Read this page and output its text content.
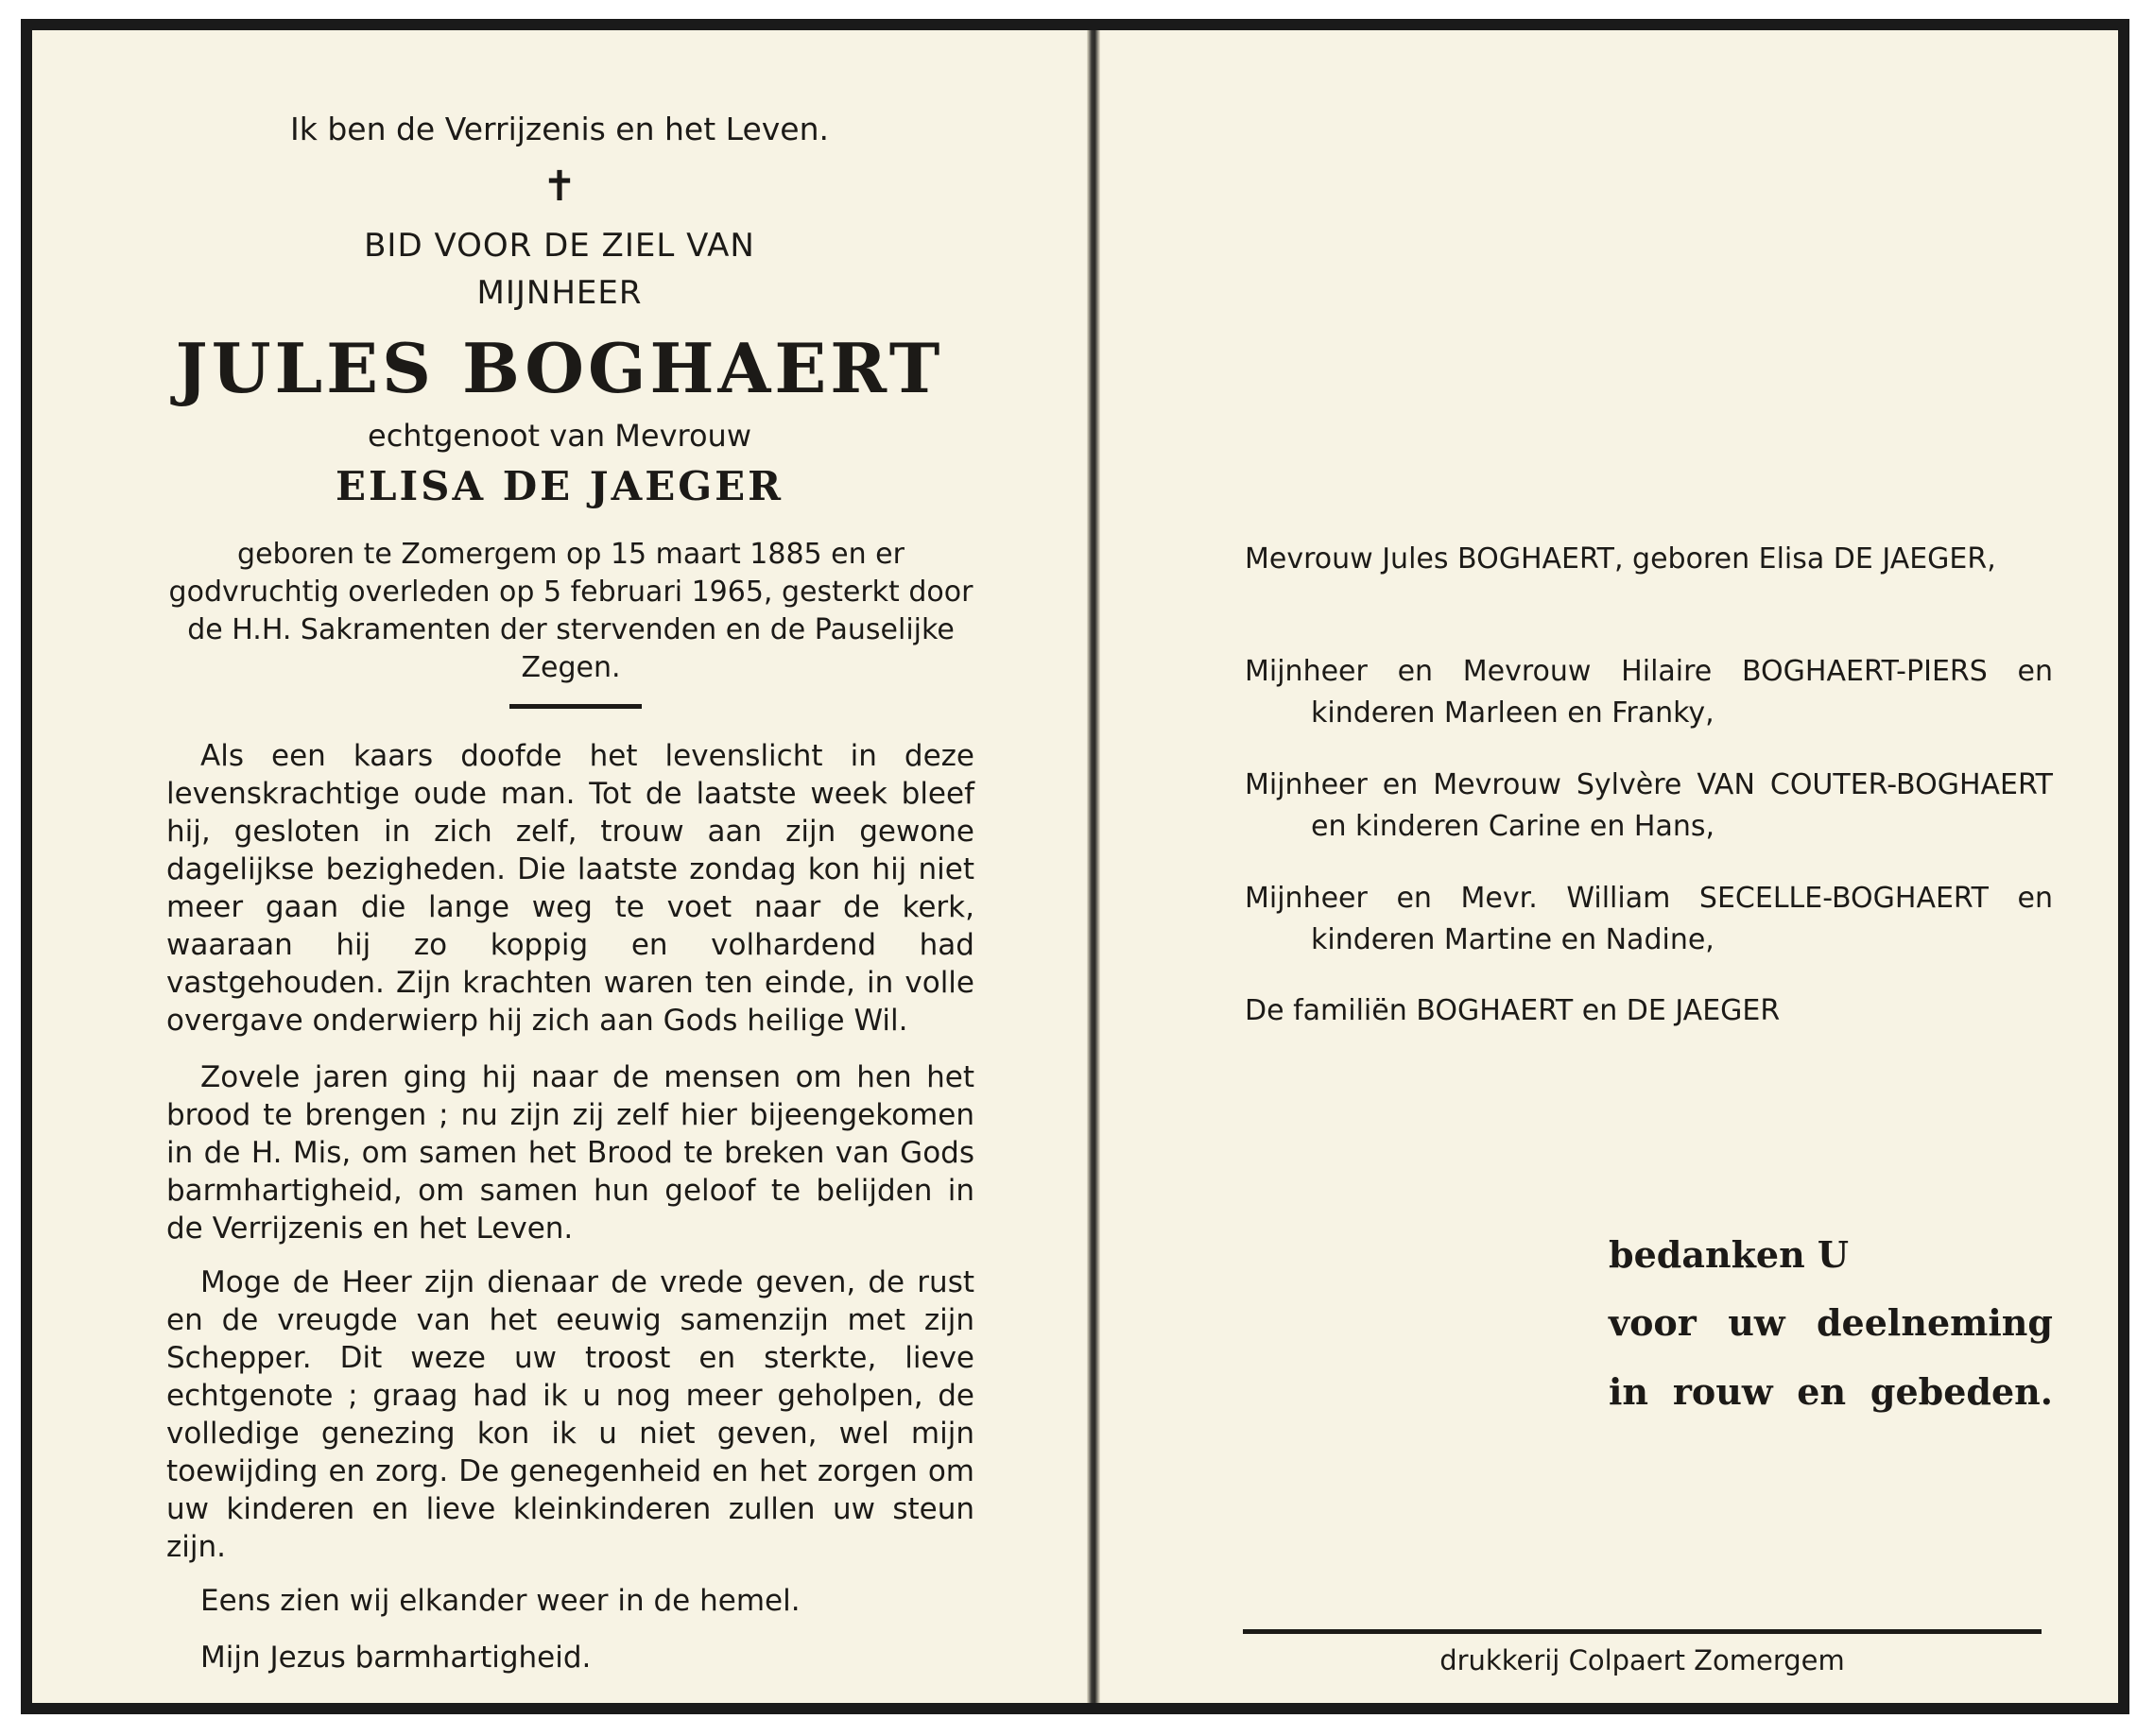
Ik ben de Verrijzenis en het Leven.
✝
BID VOOR DE ZIEL VAN
MIJNHEER
JULES BOGHAERT
echtgenoot van Mevrouw
ELISA DE JAEGER
geboren te Zomergem op 15 maart 1885 en er godvruchtig overleden op 5 februari 1965, gesterkt door de H.H. Sakramenten der stervenden en de Pauselijke Zegen.
Als een kaars doofde het levenslicht in deze levenskrachtige oude man. Tot de laatste week bleef hij, gesloten in zich zelf, trouw aan zijn gewone dagelijkse bezigheden. Die laatste zondag kon hij niet meer gaan die lange weg te voet naar de kerk, waaraan hij zo koppig en volhardend had vastgehouden. Zijn krachten waren ten einde, in volle overgave onderwierp hij zich aan Gods heilige Wil.
Zovele jaren ging hij naar de mensen om hen het brood te brengen ; nu zijn zij zelf hier bijeengekomen in de H. Mis, om samen het Brood te breken van Gods barmhartigheid, om samen hun geloof te belijden in de Verrijzenis en het Leven.
Moge de Heer zijn dienaar de vrede geven, de rust en de vreugde van het eeuwig samenzijn met zijn Schepper. Dit weze uw troost en sterkte, lieve echtgenote ; graag had ik u nog meer geholpen, de volledige genezing kon ik u niet geven, wel mijn toewijding en zorg. De genegenheid en het zorgen om uw kinderen en lieve kleinkinderen zullen uw steun zijn.
Eens zien wij elkander weer in de hemel.
Mijn Jezus barmhartigheid.
Mevrouw Jules BOGHAERT, geboren Elisa DE JAEGER,
Mijnheer en Mevrouw Hilaire BOGHAERT-PIERS en kinderen Marleen en Franky,
Mijnheer en Mevrouw Sylvère VAN COUTER-BOGHAERT en kinderen Carine en Hans,
Mijnheer en Mevr. William SECELLE-BOGHAERT en kinderen Martine en Nadine,
De familiën BOGHAERT en DE JAEGER
bedanken U
voor uw deelneming
in rouw en gebeden.
drukkerij Colpaert Zomergem
